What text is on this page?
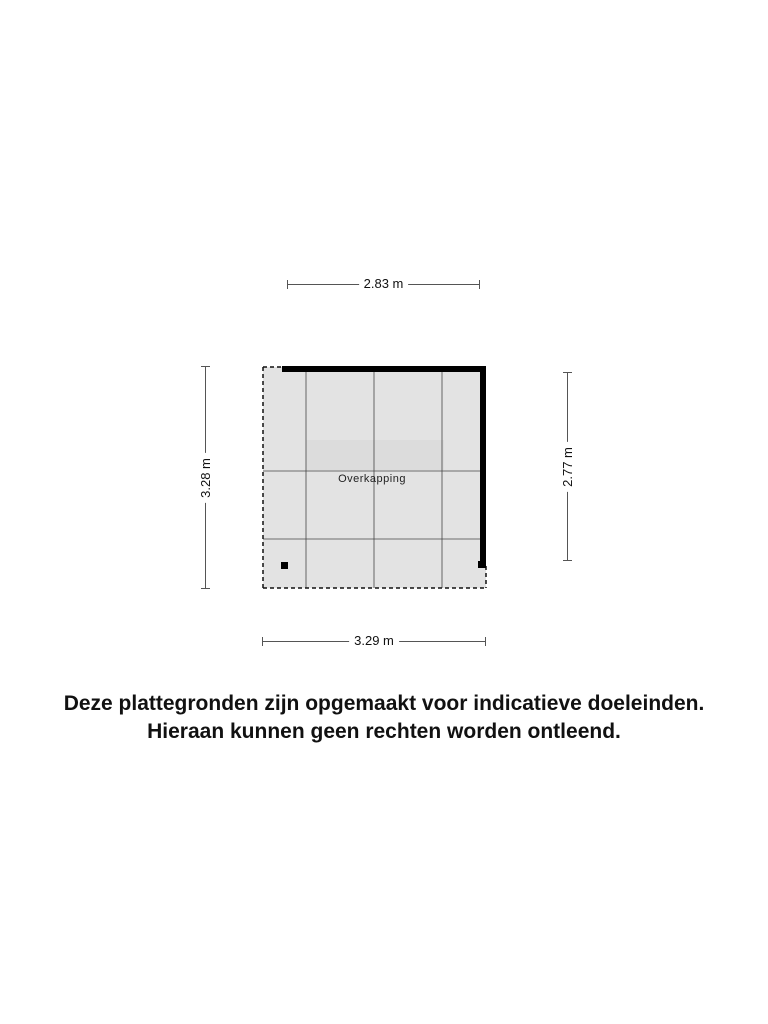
Overkapping
2.83 m
3.29 m
3.28 m	2.77 m
Deze plattegronden zijn opgemaakt voor indicatieve doeleinden.
Hieraan kunnen geen rechten worden ontleend.
